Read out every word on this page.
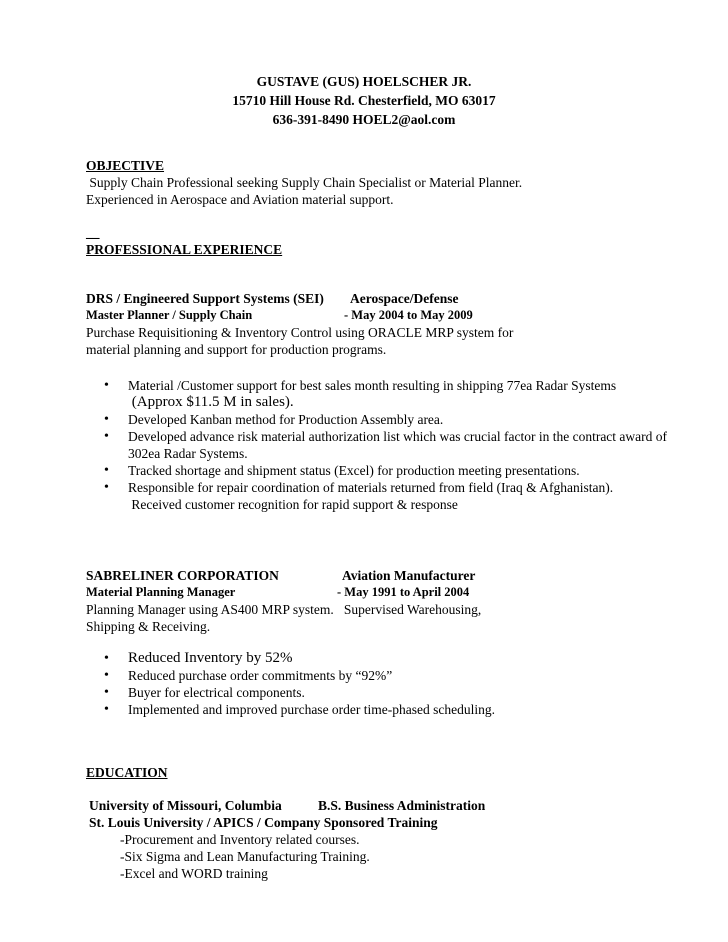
GUSTAVE (GUS) HOELSCHER JR.
15710 Hill House Rd. Chesterfield, MO 63017
636-391-8490 HOEL2@aol.com
OBJECTIVE
Supply Chain Professional seeking Supply Chain Specialist or Material Planner.
Experienced in Aerospace and Aviation material support.
__
PROFESSIONAL EXPERIENCE
DRS / Engineered Support Systems (SEI) Aerospace/Defense
Master Planner / Supply Chain	- May 2004 to May 2009
Purchase Requisitioning & Inventory Control using ORACLE MRP system for
material planning and support for production programs.
• Material /Customer support for best sales month resulting in shipping 77ea Radar Systems
(Approx $11.5 M in sales).
• Developed Kanban method for Production Assembly area.
• Developed advance risk material authorization list which was crucial factor in the contract award of 302ea Radar Systems.
• Tracked shortage and shipment status (Excel) for production meeting presentations.
• Responsible for repair coordination of materials returned from field (Iraq & Afghanistan).
Received customer recognition for rapid support & response
SABRELINER CORPORATION	Aviation Manufacturer
Material Planning Manager	- May 1991 to April 2004
Planning Manager using AS400 MRP system.   Supervised Warehousing,
Shipping & Receiving.
• Reduced Inventory by 52%
• Reduced purchase order commitments by “92%”
• Buyer for electrical components.
• Implemented and improved purchase order time-phased scheduling.
EDUCATION
University of Missouri, Columbia	B.S. Business Administration
St. Louis University / APICS / Company Sponsored Training
-Procurement and Inventory related courses.
-Six Sigma and Lean Manufacturing Training.
-Excel and WORD training
